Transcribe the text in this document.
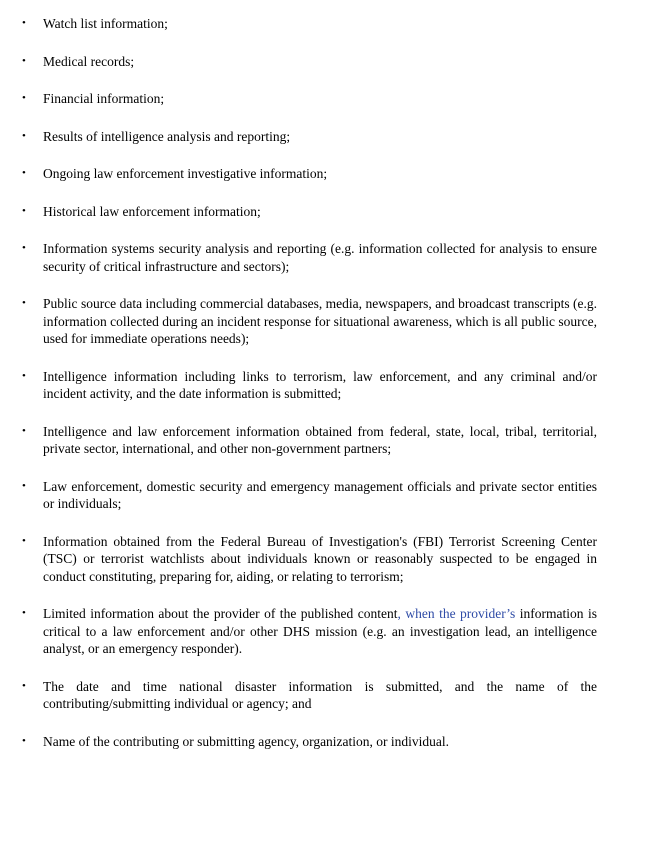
•	Watch list information;
•	Medical records;
•	Financial information;
•	Results of intelligence analysis and reporting;
•	Ongoing law enforcement investigative information;
•	Historical law enforcement information;
•	Information systems security analysis and reporting (e.g. information collected for analysis to ensure security of critical infrastructure and sectors);
•	Public source data including commercial databases, media, newspapers, and broadcast transcripts (e.g. information collected during an incident response for situational awareness, which is all public source, used for immediate operations needs);
•	Intelligence information including links to terrorism, law enforcement, and any criminal and/or incident activity, and the date information is submitted;
•	Intelligence and law enforcement information obtained from federal, state, local, tribal, territorial, private sector, international, and other non-government partners;
•	Law enforcement, domestic security and emergency management officials and private sector entities or individuals;
•	Information obtained from the Federal Bureau of Investigation's (FBI) Terrorist Screening Center (TSC) or terrorist watchlists about individuals known or reasonably suspected to be engaged in conduct constituting, preparing for, aiding, or relating to terrorism;
•	Limited information about the provider of the published content, when the provider’s information is critical to a law enforcement and/or other DHS mission (e.g. an investigation lead, an intelligence analyst, or an emergency responder).
•	The date and time national disaster information is submitted, and the name of the contributing/submitting individual or agency; and
•	Name of the contributing or submitting agency, organization, or individual.
